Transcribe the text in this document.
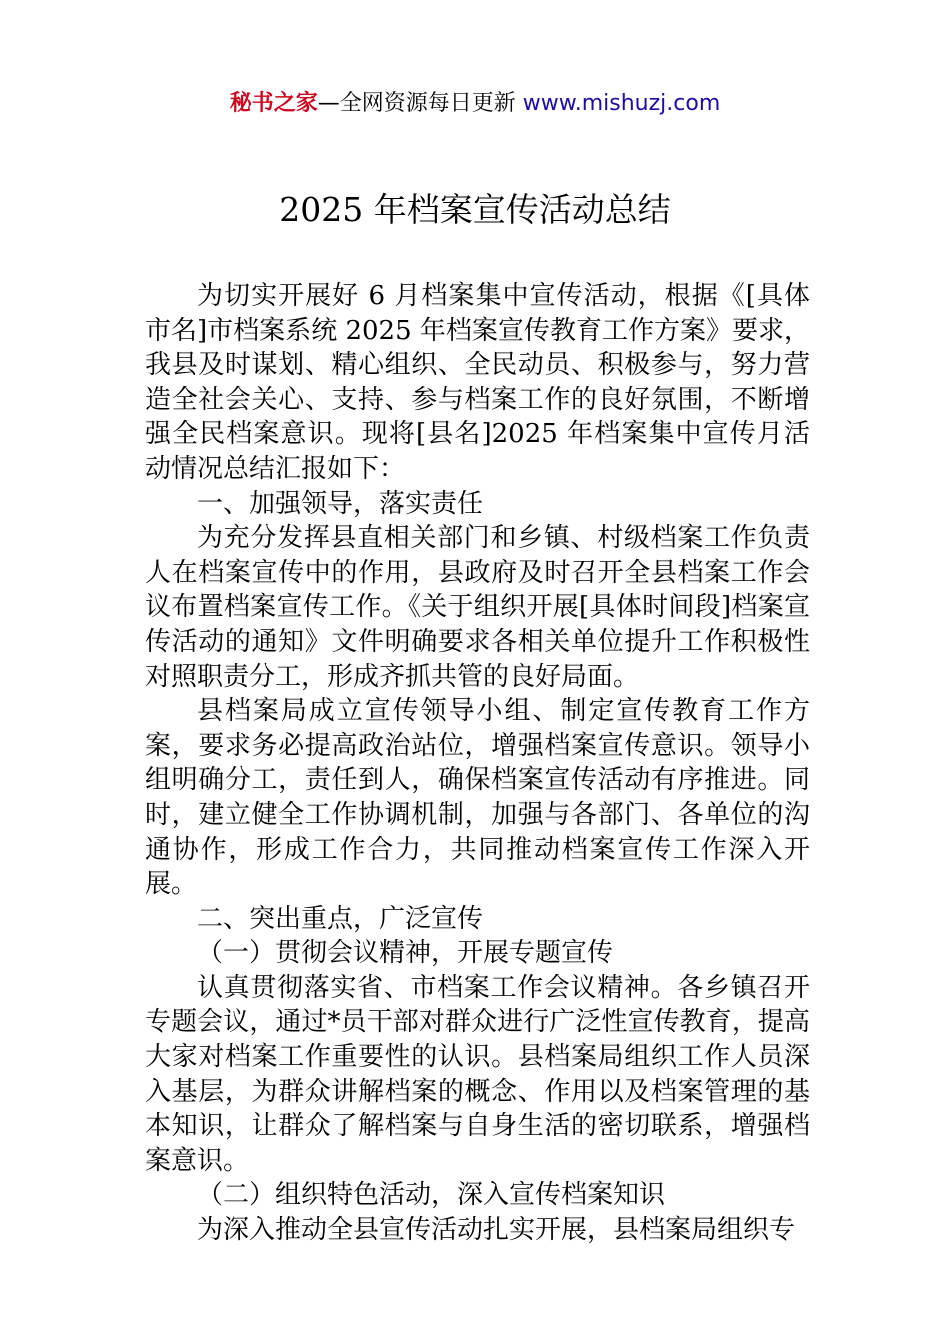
秘书之家—全网资源每日更新 www.mishuzj.com
2025 年档案宣传活动总结

为切实开展好 6 月档案集中宣传活动，根据《[具体市名]市档案系统 2025 年档案宣传教育工作方案》要求，我县及时谋划、精心组织、全民动员、积极参与，努力营造全社会关心、支持、参与档案工作的良好氛围，不断增强全民档案意识。现将[县名]2025 年档案集中宣传月活动情况总结汇报如下：

一、加强领导，落实责任

为充分发挥县直相关部门和乡镇、村级档案工作负责人在档案宣传中的作用，县政府及时召开全县档案工作会议布置档案宣传工作。《关于组织开展[具体时间段]档案宣传活动的通知》文件明确要求各相关单位提升工作积极性对照职责分工，形成齐抓共管的良好局面。

县档案局成立宣传领导小组、制定宣传教育工作方案，要求务必提高政治站位，增强档案宣传意识。领导小组明确分工，责任到人，确保档案宣传活动有序推进。同时，建立健全工作协调机制，加强与各部门、各单位的沟通协作，形成工作合力，共同推动档案宣传工作深入开展。

二、突出重点，广泛宣传

（一）贯彻会议精神，开展专题宣传

认真贯彻落实省、市档案工作会议精神。各乡镇召开专题会议，通过*员干部对群众进行广泛性宣传教育，提高大家对档案工作重要性的认识。县档案局组织工作人员深入基层，为群众讲解档案的概念、作用以及档案管理的基本知识，让群众了解档案与自身生活的密切联系，增强档案意识。

（二）组织特色活动，深入宣传档案知识

为深入推动全县宣传活动扎实开展，县档案局组织专
